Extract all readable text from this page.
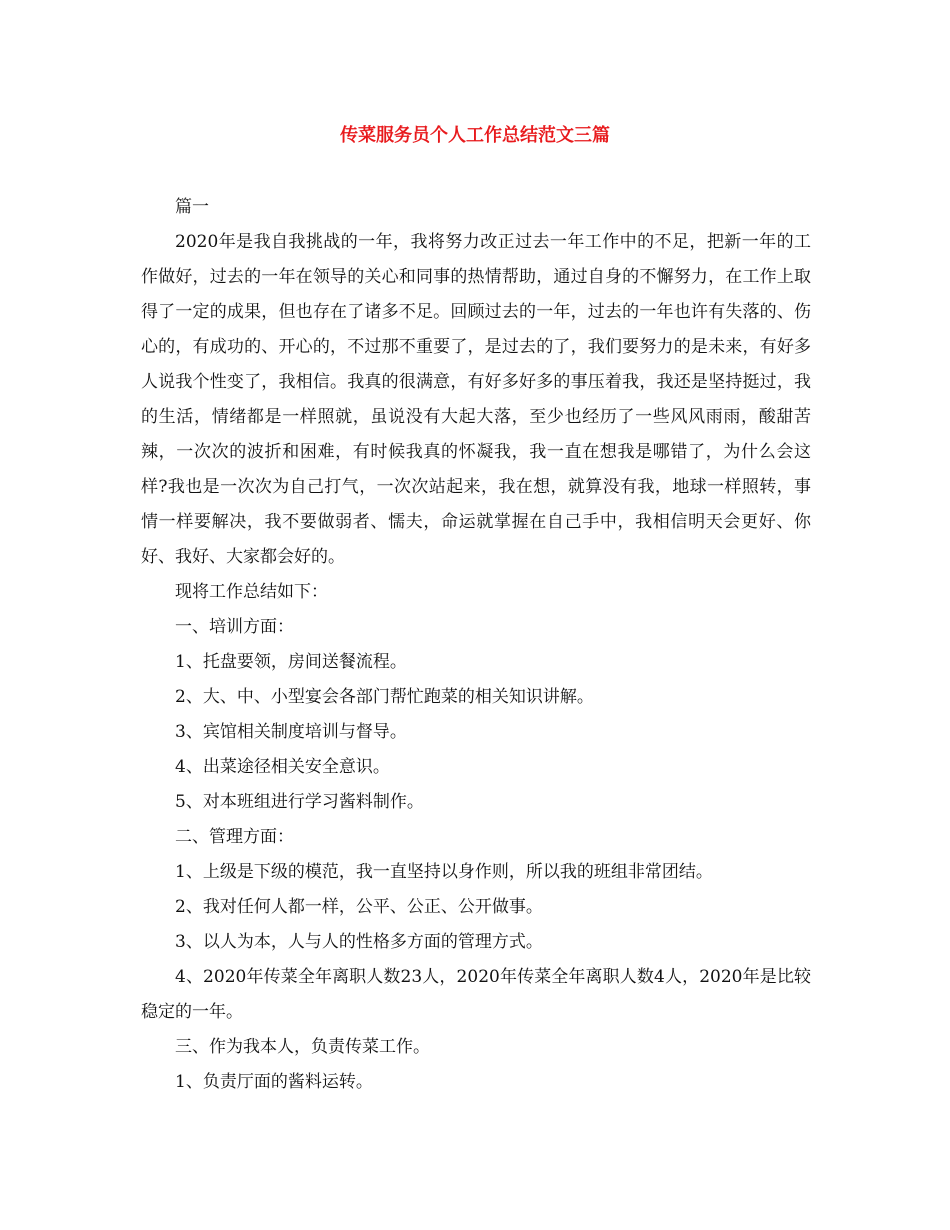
传菜服务员个人工作总结范文三篇

篇一

2020年是我自我挑战的一年，我将努力改正过去一年工作中的不足，把新一年的工作做好，过去的一年在领导的关心和同事的热情帮助，通过自身的不懈努力，在工作上取得了一定的成果，但也存在了诸多不足。回顾过去的一年，过去的一年也许有失落的、伤心的，有成功的、开心的，不过那不重要了，是过去的了，我们要努力的是未来，有好多人说我个性变了，我相信。我真的很满意，有好多好多的事压着我，我还是坚持挺过，我的生活，情绪都是一样照就，虽说没有大起大落，至少也经历了一些风风雨雨，酸甜苦辣，一次次的波折和困难，有时候我真的怀凝我，我一直在想我是哪错了，为什么会这样?我也是一次次为自己打气，一次次站起来，我在想，就算没有我，地球一样照转，事情一样要解决，我不要做弱者、懦夫，命运就掌握在自己手中，我相信明天会更好、你好、我好、大家都会好的。

现将工作总结如下：

一、培训方面：

1、托盘要领，房间送餐流程。

2、大、中、小型宴会各部门帮忙跑菜的相关知识讲解。

3、宾馆相关制度培训与督导。

4、出菜途径相关安全意识。

5、对本班组进行学习酱料制作。

二、管理方面：

1、上级是下级的模范，我一直坚持以身作则，所以我的班组非常团结。

2、我对任何人都一样，公平、公正、公开做事。

3、以人为本，人与人的性格多方面的管理方式。

4、2020年传菜全年离职人数23人，2020年传菜全年离职人数4人，2020年是比较稳定的一年。

三、作为我本人，负责传菜工作。

1、负责厅面的酱料运转。
